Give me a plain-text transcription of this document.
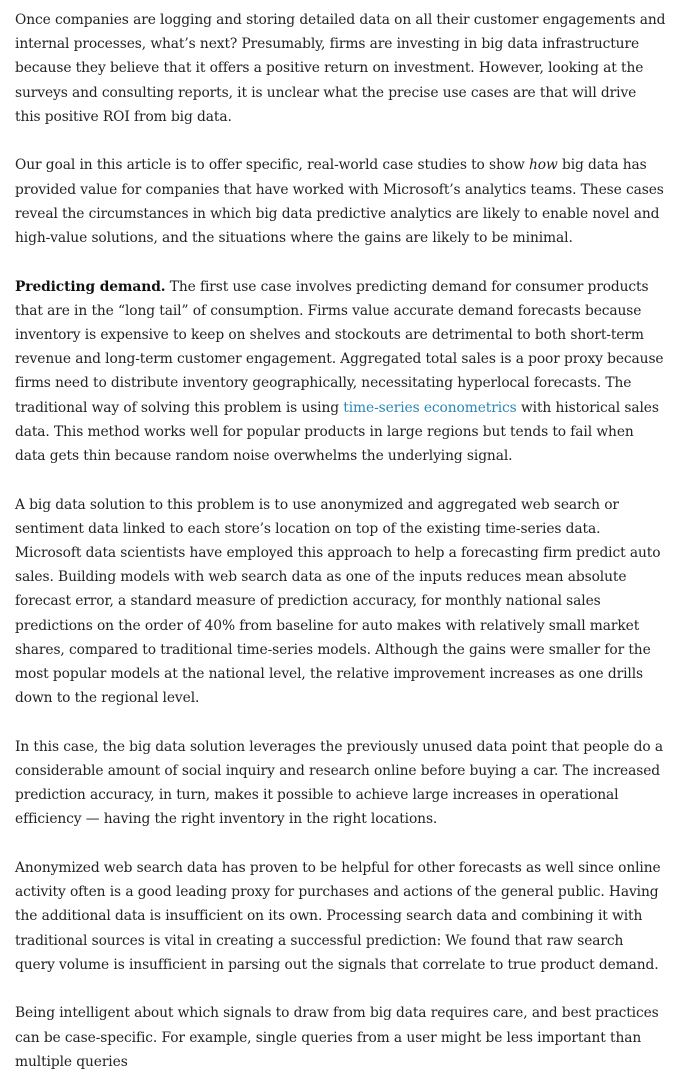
Once companies are logging and storing detailed data on all their customer engagements and internal processes, what’s next? Presumably, firms are investing in big data infrastructure because they believe that it offers a positive return on investment. However, looking at the surveys and consulting reports, it is unclear what the precise use cases are that will drive this positive ROI from big data.

Our goal in this article is to offer specific, real-world case studies to show how big data has provided value for companies that have worked with Microsoft’s analytics teams. These cases reveal the circumstances in which big data predictive analytics are likely to enable novel and high-value solutions, and the situations where the gains are likely to be minimal.

Predicting demand. The first use case involves predicting demand for consumer products that are in the “long tail” of consumption. Firms value accurate demand forecasts because inventory is expensive to keep on shelves and stockouts are detrimental to both short-term revenue and long-term customer engagement. Aggregated total sales is a poor proxy because firms need to distribute inventory geographically, necessitating hyperlocal forecasts. The traditional way of solving this problem is using time-series econometrics with historical sales data. This method works well for popular products in large regions but tends to fail when data gets thin because random noise overwhelms the underlying signal.

A big data solution to this problem is to use anonymized and aggregated web search or sentiment data linked to each store’s location on top of the existing time-series data. Microsoft data scientists have employed this approach to help a forecasting firm predict auto sales. Building models with web search data as one of the inputs reduces mean absolute forecast error, a standard measure of prediction accuracy, for monthly national sales predictions on the order of 40% from baseline for auto makes with relatively small market shares, compared to traditional time-series models. Although the gains were smaller for the most popular models at the national level, the relative improvement increases as one drills down to the regional level.

In this case, the big data solution leverages the previously unused data point that people do a considerable amount of social inquiry and research online before buying a car. The increased prediction accuracy, in turn, makes it possible to achieve large increases in operational efficiency — having the right inventory in the right locations.

Anonymized web search data has proven to be helpful for other forecasts as well since online activity often is a good leading proxy for purchases and actions of the general public. Having the additional data is insufficient on its own. Processing search data and combining it with traditional sources is vital in creating a successful prediction: We found that raw search query volume is insufficient in parsing out the signals that correlate to true product demand.

Being intelligent about which signals to draw from big data requires care, and best practices can be case-specific. For example, single queries from a user might be less important than multiple queries
